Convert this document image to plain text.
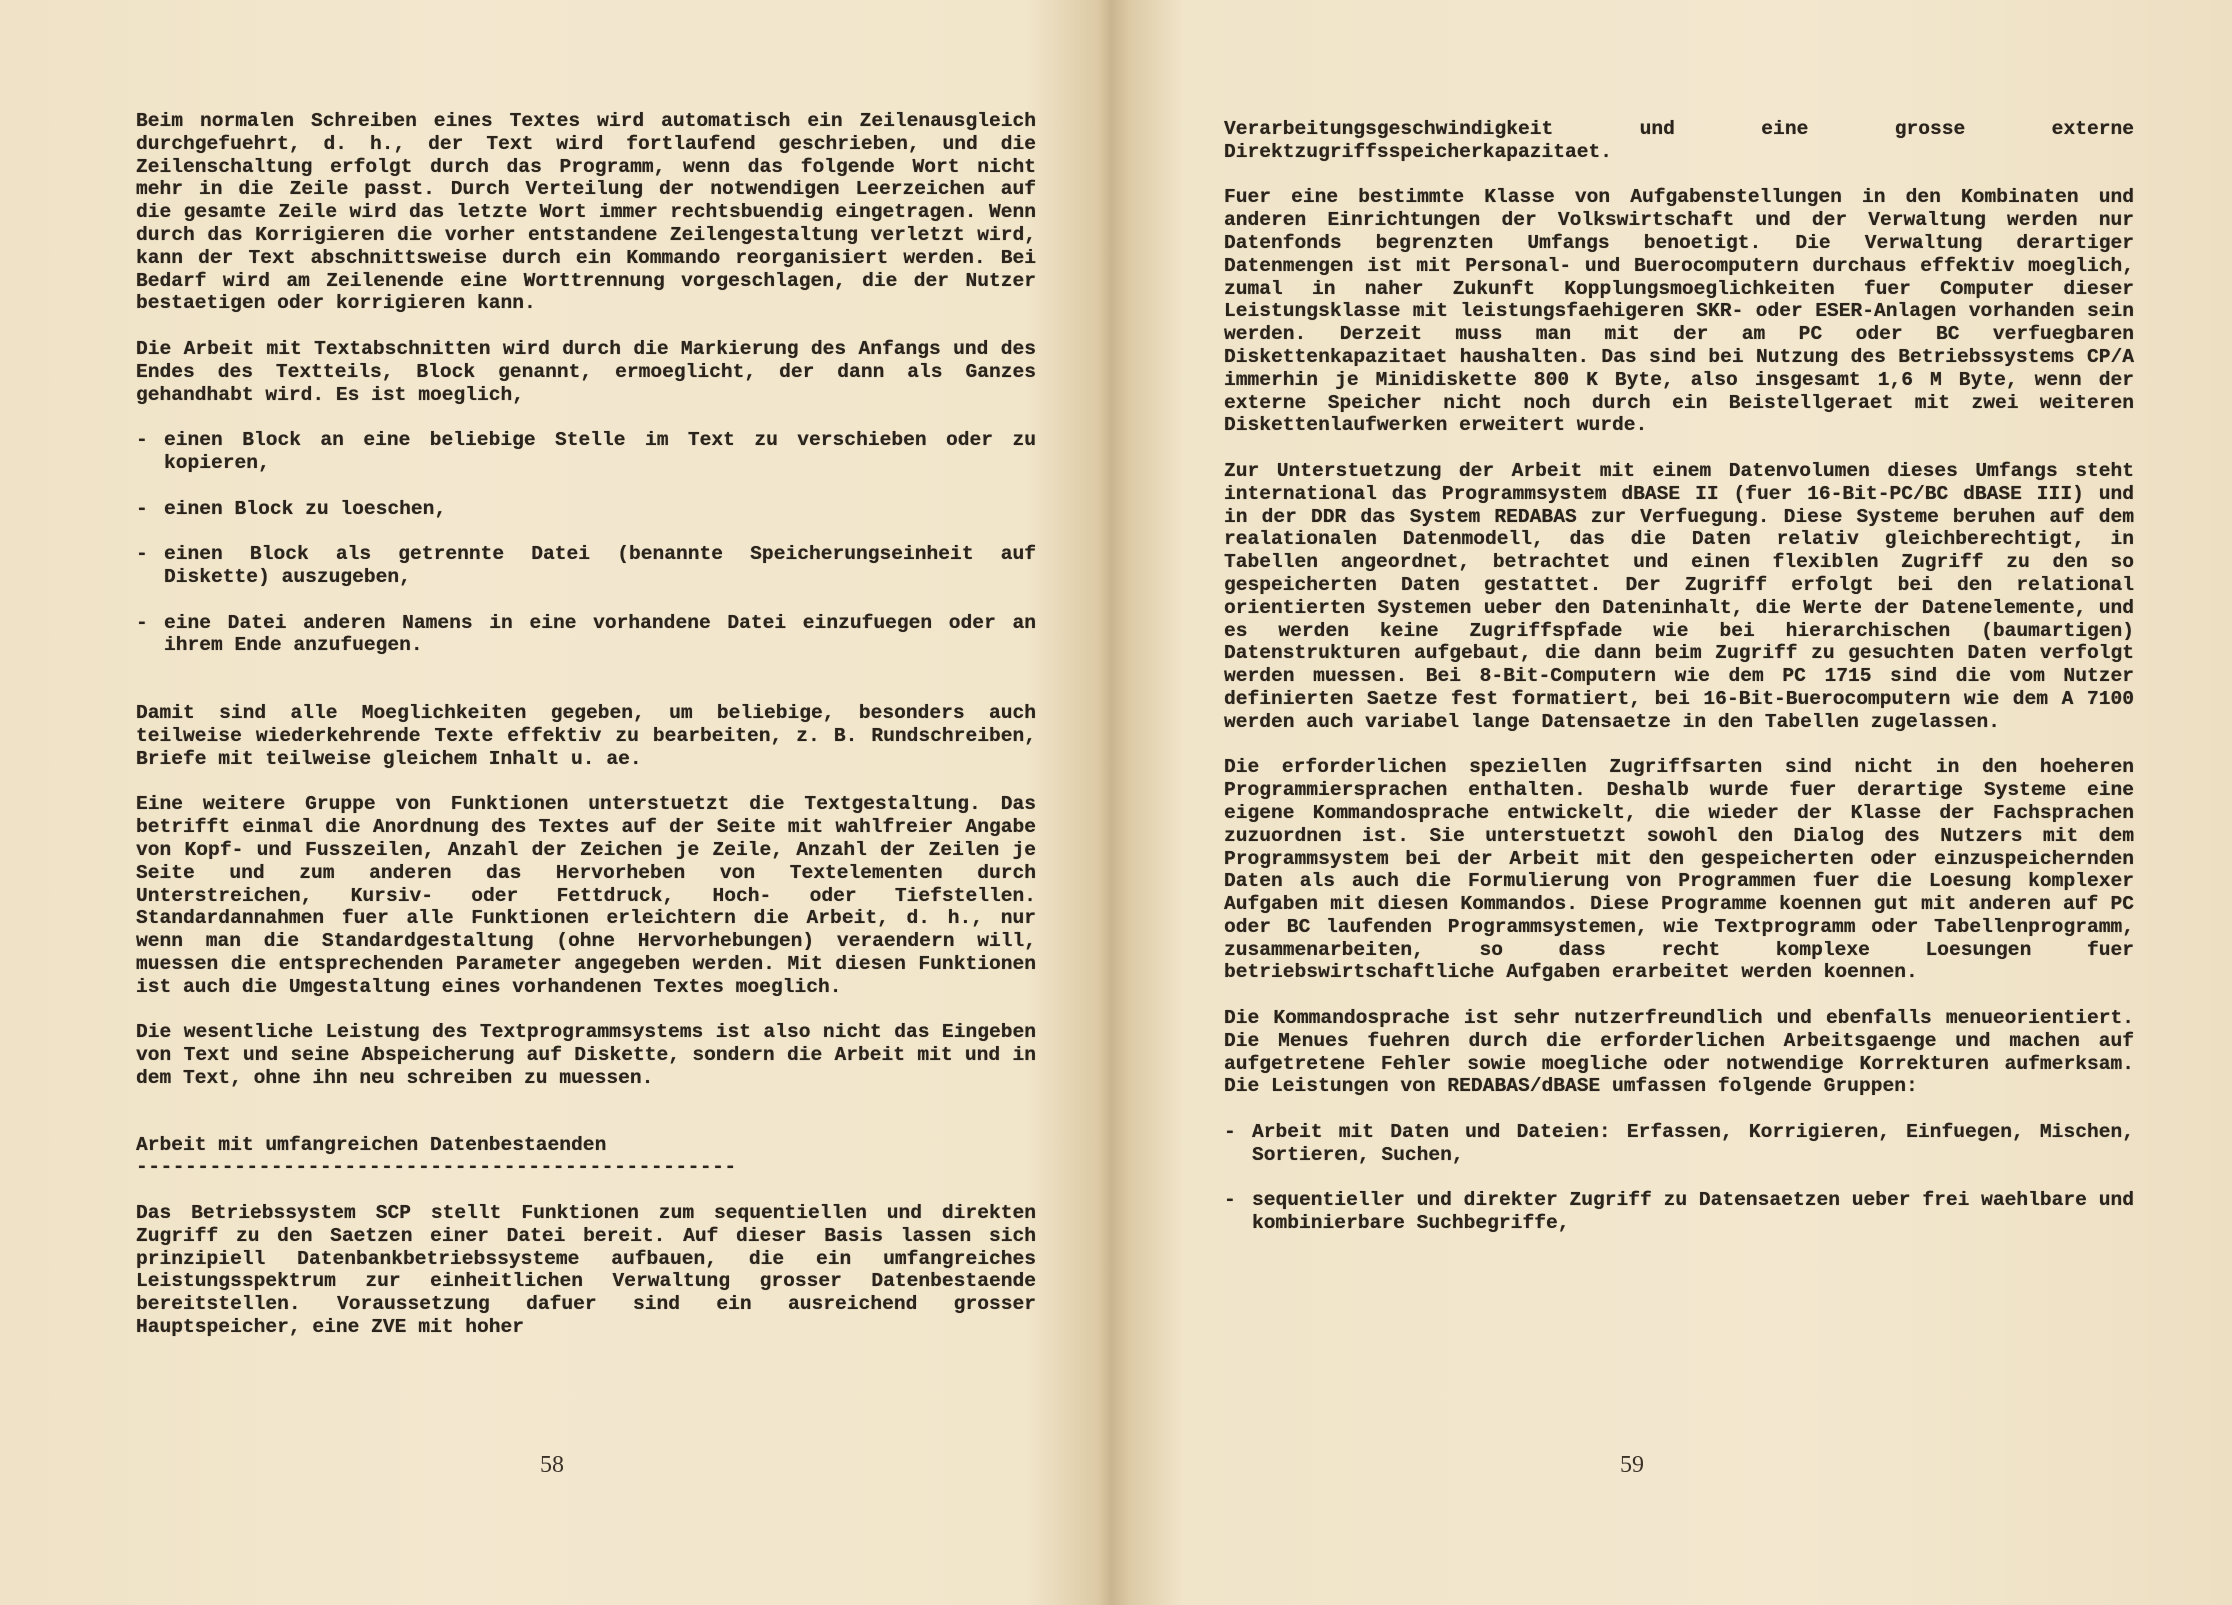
Beim normalen Schreiben eines Textes wird automatisch ein Zeilenausgleich durchgefuehrt, d. h., der Text wird fortlaufend geschrieben, und die Zeilenschaltung erfolgt durch das Programm, wenn das folgende Wort nicht mehr in die Zeile passt. Durch Verteilung der notwendigen Leerzeichen auf die gesamte Zeile wird das letzte Wort immer rechtsbuendig eingetragen. Wenn durch das Korrigieren die vorher entstandene Zeilengestaltung verletzt wird, kann der Text abschnittsweise durch ein Kommando reorganisiert werden. Bei Bedarf wird am Zeilenende eine Worttrennung vorgeschlagen, die der Nutzer bestaetigen oder korrigieren kann.

Die Arbeit mit Textabschnitten wird durch die Markierung des Anfangs und des Endes des Textteils, Block genannt, ermoeglicht, der dann als Ganzes gehandhabt wird. Es ist moeglich,

- einen Block an eine beliebige Stelle im Text zu verschieben oder zu kopieren,
- einen Block zu loeschen,
- einen Block als getrennte Datei (benannte Speicherungseinheit auf Diskette) auszugeben,
- eine Datei anderen Namens in eine vorhandene Datei einzufuegen oder an ihrem Ende anzufuegen.

Damit sind alle Moeglichkeiten gegeben, um beliebige, besonders auch teilweise wiederkehrende Texte effektiv zu bearbeiten, z. B. Rundschreiben, Briefe mit teilweise gleichem Inhalt u. ae.

Eine weitere Gruppe von Funktionen unterstuetzt die Textgestaltung. Das betrifft einmal die Anordnung des Textes auf der Seite mit wahlfreier Angabe von Kopf- und Fusszeilen, Anzahl der Zeichen je Zeile, Anzahl der Zeilen je Seite und zum anderen das Hervorheben von Textelementen durch Unterstreichen, Kursiv- oder Fettdruck, Hoch- oder Tiefstellen. Standardannahmen fuer alle Funktionen erleichtern die Arbeit, d. h., nur wenn man die Standardgestaltung (ohne Hervorhebungen) veraendern will, muessen die entsprechenden Parameter angegeben werden. Mit diesen Funktionen ist auch die Umgestaltung eines vorhandenen Textes moeglich.

Die wesentliche Leistung des Textprogrammsystems ist also nicht das Eingeben von Text und seine Abspeicherung auf Diskette, sondern die Arbeit mit und in dem Text, ohne ihn neu schreiben zu muessen.

Arbeit mit umfangreichen Datenbestaenden
-------------------------------------------------

Das Betriebssystem SCP stellt Funktionen zum sequentiellen und direkten Zugriff zu den Saetzen einer Datei bereit. Auf dieser Basis lassen sich prinzipiell Datenbankbetriebssysteme aufbauen, die ein umfangreiches Leistungsspektrum zur einheitlichen Verwaltung grosser Datenbestaende bereitstellen. Voraussetzung dafuer sind ein ausreichend grosser Hauptspeicher, eine ZVE mit hoher

58

Verarbeitungsgeschwindigkeit und eine grosse externe Direktzugriffsspeicherkapazitaet.

Fuer eine bestimmte Klasse von Aufgabenstellungen in den Kombinaten und anderen Einrichtungen der Volkswirtschaft und der Verwaltung werden nur Datenfonds begrenzten Umfangs benoetigt. Die Verwaltung derartiger Datenmengen ist mit Personal- und Buerocomputern durchaus effektiv moeglich, zumal in naher Zukunft Kopplungsmoeglichkeiten fuer Computer dieser Leistungsklasse mit leistungsfaehigeren SKR- oder ESER-Anlagen vorhanden sein werden. Derzeit muss man mit der am PC oder BC verfuegbaren Diskettenkapazitaet haushalten. Das sind bei Nutzung des Betriebssystems CP/A immerhin je Minidiskette 800 K Byte, also insgesamt 1,6 M Byte, wenn der externe Speicher nicht noch durch ein Beistellgeraet mit zwei weiteren Diskettenlaufwerken erweitert wurde.

Zur Unterstuetzung der Arbeit mit einem Datenvolumen dieses Umfangs steht international das Programmsystem dBASE II (fuer 16-Bit-PC/BC dBASE III) und in der DDR das System REDABAS zur Verfuegung. Diese Systeme beruhen auf dem realationalen Datenmodell, das die Daten relativ gleichberechtigt, in Tabellen angeordnet, betrachtet und einen flexiblen Zugriff zu den so gespeicherten Daten gestattet. Der Zugriff erfolgt bei den relational orientierten Systemen ueber den Dateninhalt, die Werte der Datenelemente, und es werden keine Zugriffspfade wie bei hierarchischen (baumartigen) Datenstrukturen aufgebaut, die dann beim Zugriff zu gesuchten Daten verfolgt werden muessen. Bei 8-Bit-Computern wie dem PC 1715 sind die vom Nutzer definierten Saetze fest formatiert, bei 16-Bit-Buerocomputern wie dem A 7100 werden auch variabel lange Datensaetze in den Tabellen zugelassen.

Die erforderlichen speziellen Zugriffsarten sind nicht in den hoeheren Programmiersprachen enthalten. Deshalb wurde fuer derartige Systeme eine eigene Kommandosprache entwickelt, die wieder der Klasse der Fachsprachen zuzuordnen ist. Sie unterstuetzt sowohl den Dialog des Nutzers mit dem Programmsystem bei der Arbeit mit den gespeicherten oder einzuspeichernden Daten als auch die Formulierung von Programmen fuer die Loesung komplexer Aufgaben mit diesen Kommandos. Diese Programme koennen gut mit anderen auf PC oder BC laufenden Programmsystemen, wie Textprogramm oder Tabellenprogramm, zusammenarbeiten, so dass recht komplexe Loesungen fuer betriebswirtschaftliche Aufgaben erarbeitet werden koennen.

Die Kommandosprache ist sehr nutzerfreundlich und ebenfalls menueorientiert. Die Menues fuehren durch die erforderlichen Arbeitsgaenge und machen auf aufgetretene Fehler sowie moegliche oder notwendige Korrekturen aufmerksam. Die Leistungen von REDABAS/dBASE umfassen folgende Gruppen:

- Arbeit mit Daten und Dateien: Erfassen, Korrigieren, Einfuegen, Mischen, Sortieren, Suchen,
- sequentieller und direkter Zugriff zu Datensaetzen ueber frei waehlbare und kombinierbare Suchbegriffe,
59
